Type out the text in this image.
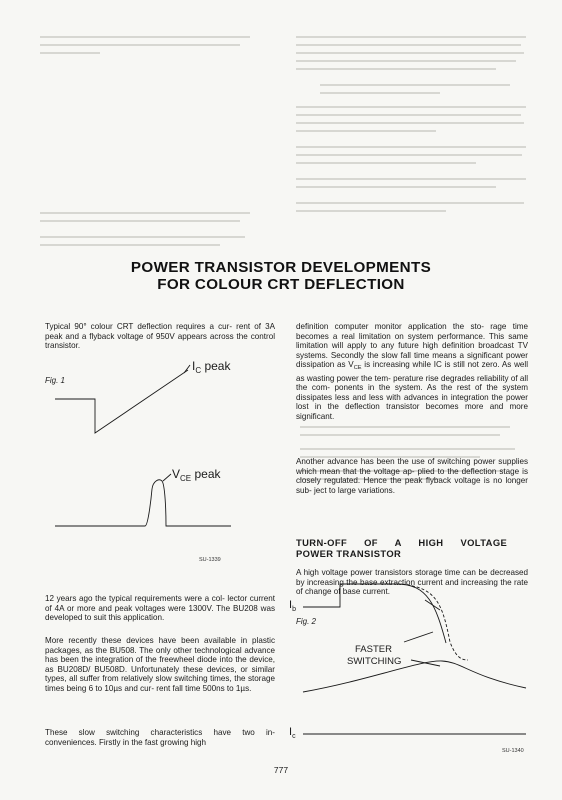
POWER TRANSISTOR DEVELOPMENTS
FOR COLOUR CRT DEFLECTION

Typical 90° colour CRT deflection requires a cur- rent of 3A peak and a flyback voltage of 950V appears across the control transistor.

Fig. 1
$I_C$ peak
$V_{CE}$ peak
$I_b$
$I_c$
FASTER
SWITCHING
SU-1339

12 years ago the typical requirements were a col- lector current of 4A or more and peak voltages were 1300V. The BU208 was developed to suit this application.

More recently these devices have been available in plastic packages, as the BU508. The only other technological advance has been the integration of the freewheel diode into the device, as BU208D/ BU508D. Unfortunately these devices, or similar types, all suffer from relatively slow switching times, the storage times being 6 to 10µs and cur- rent fall time 500ns to 1µs.

These slow switching characteristics have two in- conveniences. Firstly in the fast growing high

definition computer monitor application the sto- rage time becomes a real limitation on system performance. This same limitation will apply to any future high definition broadcast TV systems. Secondly the slow fall time means a significant power dissipation as $V_{CE}$ is increasing while IC is still not zero. As well as wasting power the tem- perature rise degrades reliability of all the com- ponents in the system. As the rest of the system dissipates less and less with advances in integration the power lost in the deflection transistor becomes more and more significant.

Another advance has been the use of switching power supplies which mean that the voltage ap- plied to the deflection stage is closely regulated. Hence the peak flyback voltage is no longer sub- ject to large variations.

TURN-OFF OF A HIGH VOLTAGE

POWER TRANSISTOR

A high voltage power transistors storage time can be decreased by increasing the base extraction current and increasing the rate of change of base current.

Fig. 2
SU-1340
777
